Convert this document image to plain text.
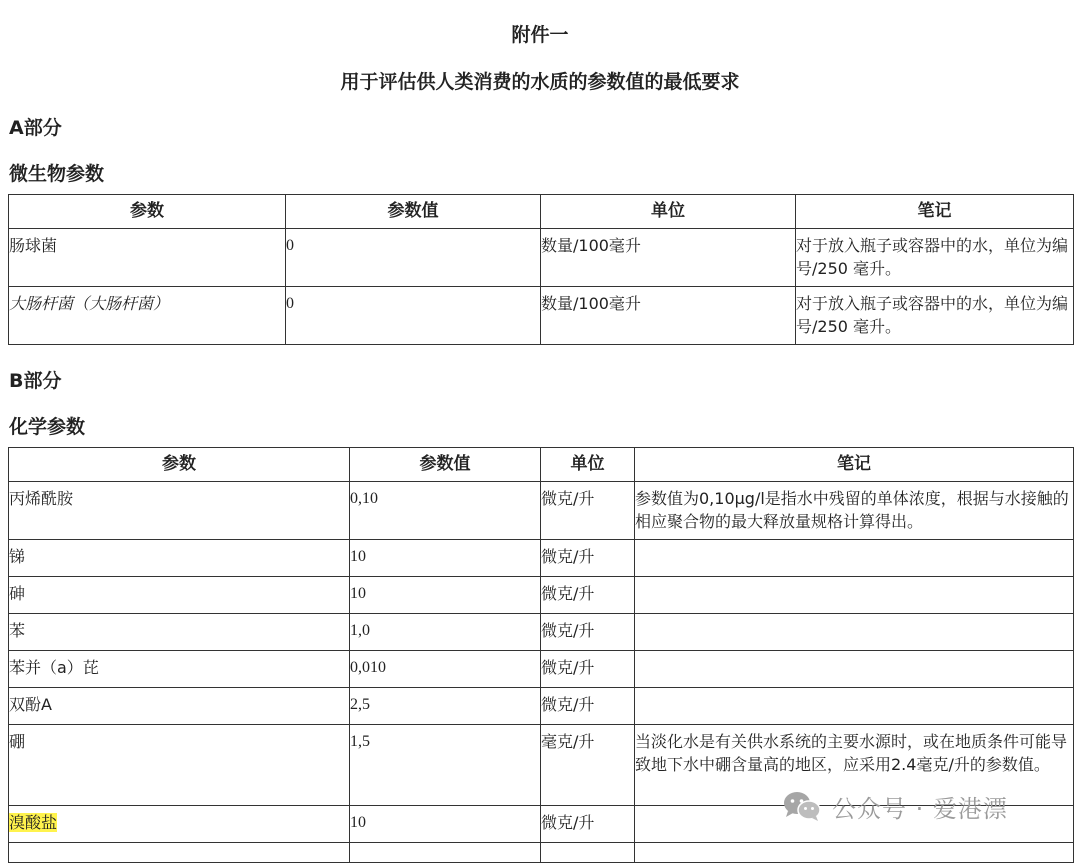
附件一
用于评估供人类消费的水质的参数值的最低要求
A部分
微生物参数
参数	参数值	单位	笔记
肠球菌	0	数量/100毫升	对于放入瓶子或容器中的水，单位为编号/250 毫升。
大肠杆菌（大肠杆菌）	0	数量/100毫升	对于放入瓶子或容器中的水，单位为编号/250 毫升。
B部分
化学参数
参数	参数值	单位	笔记
丙烯酰胺	0,10	微克/升	参数值为0,10µg/l是指水中残留的单体浓度，根据与水接触的相应聚合物的最大释放量规格计算得出。
锑	10	微克/升	
砷	10	微克/升	
苯	1,0	微克/升	
苯并（a）芘	0,010	微克/升	
双酚A	2,5	微克/升	
硼	1,5	毫克/升	当淡化水是有关供水系统的主要水源时，或在地质条件可能导致地下水中硼含量高的地区，应采用2.4毫克/升的参数值。
溴酸盐	10	微克/升	
				公众号 · 爱港漂
